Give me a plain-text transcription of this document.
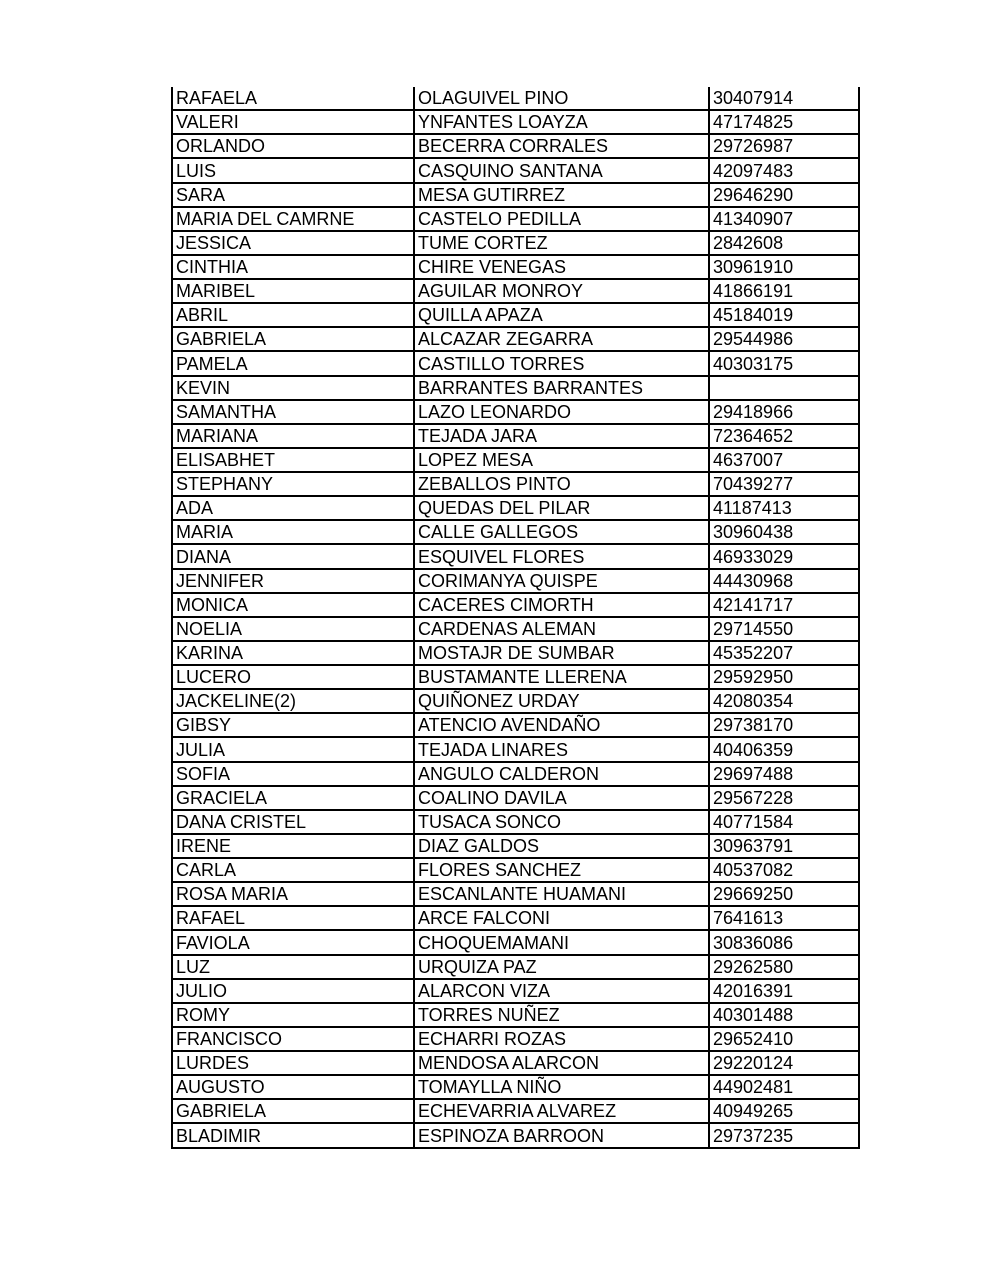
RAFAELA	OLAGUIVEL PINO	30407914
VALERI	YNFANTES LOAYZA	47174825
ORLANDO	BECERRA CORRALES	29726987
LUIS	CASQUINO SANTANA	42097483
SARA	MESA GUTIRREZ	29646290
MARIA DEL CAMRNE	CASTELO PEDILLA	41340907
JESSICA	TUME CORTEZ	2842608
CINTHIA	CHIRE VENEGAS	30961910
MARIBEL	AGUILAR MONROY	41866191
ABRIL	QUILLA APAZA	45184019
GABRIELA	ALCAZAR ZEGARRA	29544986
PAMELA	CASTILLO TORRES	40303175
KEVIN	BARRANTES BARRANTES	
SAMANTHA	LAZO LEONARDO	29418966
MARIANA	TEJADA JARA	72364652
ELISABHET	LOPEZ MESA	4637007
STEPHANY	ZEBALLOS PINTO	70439277
ADA	QUEDAS DEL PILAR	41187413
MARIA	CALLE GALLEGOS	30960438
DIANA	ESQUIVEL FLORES	46933029
JENNIFER	CORIMANYA QUISPE	44430968
MONICA	CACERES CIMORTH	42141717
NOELIA	CARDENAS ALEMAN	29714550
KARINA	MOSTAJR DE SUMBAR	45352207
LUCERO	BUSTAMANTE LLERENA	29592950
JACKELINE(2)	QUIÑONEZ URDAY	42080354
GIBSY	ATENCIO AVENDAÑO	29738170
JULIA	TEJADA LINARES	40406359
SOFIA	ANGULO CALDERON	29697488
GRACIELA	COALINO DAVILA	29567228
DANA CRISTEL	TUSACA SONCO	40771584
IRENE	DIAZ GALDOS	30963791
CARLA	FLORES SANCHEZ	40537082
ROSA MARIA	ESCANLANTE HUAMANI	29669250
RAFAEL	ARCE FALCONI	7641613
FAVIOLA	CHOQUEMAMANI	30836086
LUZ	URQUIZA PAZ	29262580
JULIO	ALARCON VIZA	42016391
ROMY	TORRES NUÑEZ	40301488
FRANCISCO	ECHARRI ROZAS	29652410
LURDES	MENDOSA ALARCON	29220124
AUGUSTO	TOMAYLLA NIÑO	44902481
GABRIELA	ECHEVARRIA ALVAREZ	40949265
BLADIMIR	ESPINOZA BARROON	29737235
